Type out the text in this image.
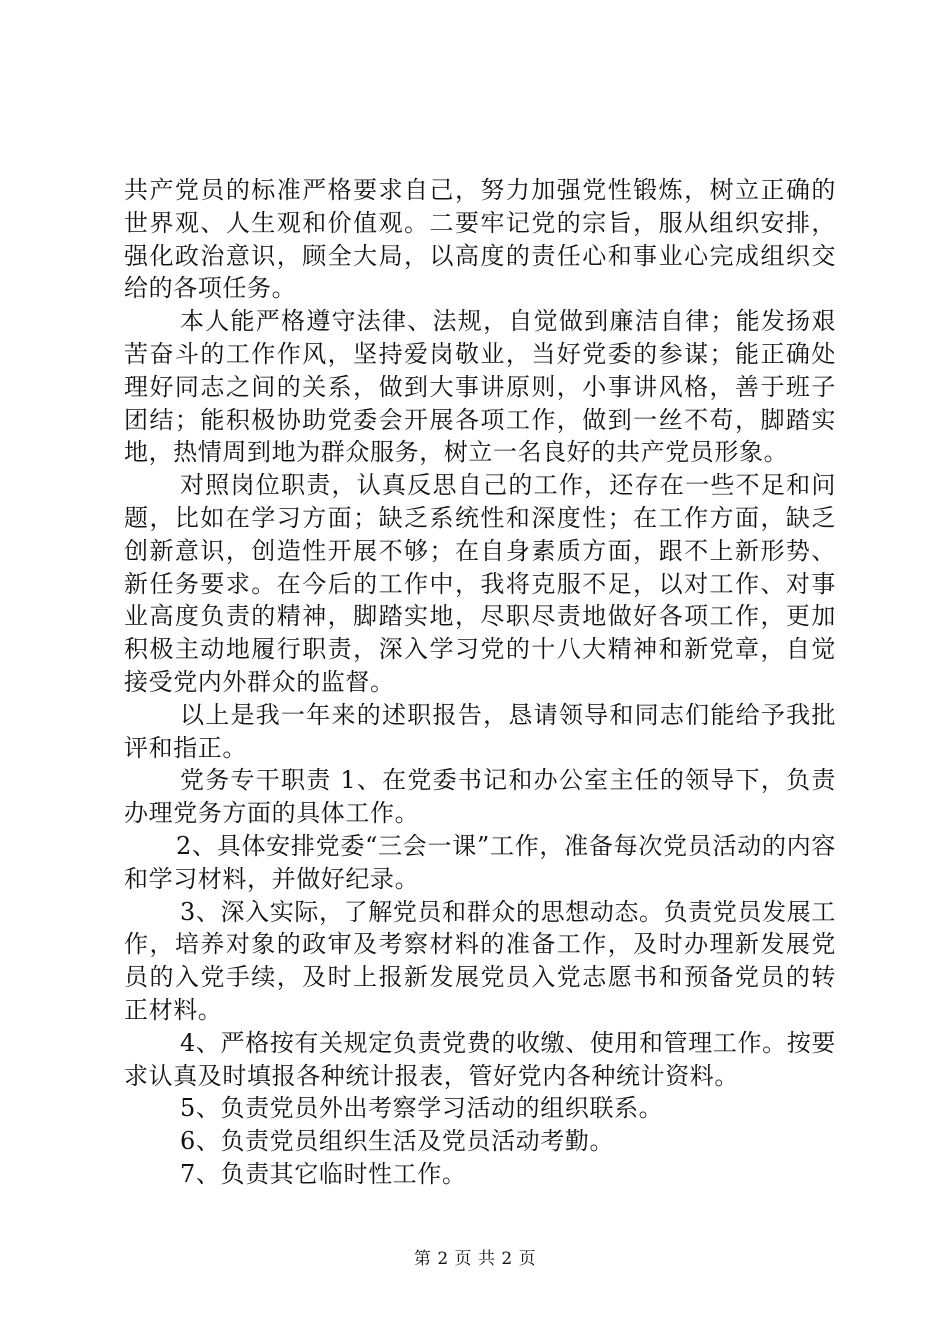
共产党员的标准严格要求自己，努力加强党性锻炼，树立正确的世界观、人生观和价值观。二要牢记党的宗旨，服从组织安排，强化政治意识，顾全大局，以高度的责任心和事业心完成组织交给的各项任务。

本人能严格遵守法律、法规，自觉做到廉洁自律；能发扬艰苦奋斗的工作作风，坚持爱岗敬业，当好党委的参谋；能正确处理好同志之间的关系，做到大事讲原则，小事讲风格，善于班子团结；能积极协助党委会开展各项工作，做到一丝不苟，脚踏实地，热情周到地为群众服务，树立一名良好的共产党员形象。

对照岗位职责，认真反思自己的工作，还存在一些不足和问题，比如在学习方面；缺乏系统性和深度性；在工作方面，缺乏创新意识，创造性开展不够；在自身素质方面，跟不上新形势、新任务要求。在今后的工作中，我将克服不足，以对工作、对事业高度负责的精神，脚踏实地，尽职尽责地做好各项工作，更加积极主动地履行职责，深入学习党的十八大精神和新党章，自觉接受党内外群众的监督。

以上是我一年来的述职报告，恳请领导和同志们能给予我批评和指正。

党务专干职责 1、在党委书记和办公室主任的领导下，负责办理党务方面的具体工作。

2、具体安排党委“三会一课”工作，准备每次党员活动的内容和学习材料，并做好纪录。

3、深入实际，了解党员和群众的思想动态。负责党员发展工作，培养对象的政审及考察材料的准备工作，及时办理新发展党员的入党手续，及时上报新发展党员入党志愿书和预备党员的转正材料。

4、严格按有关规定负责党费的收缴、使用和管理工作。按要求认真及时填报各种统计报表，管好党内各种统计资料。

5、负责党员外出考察学习活动的组织联系。

6、负责党员组织生活及党员活动考勤。

7、负责其它临时性工作。

第 2 页 共 2 页
